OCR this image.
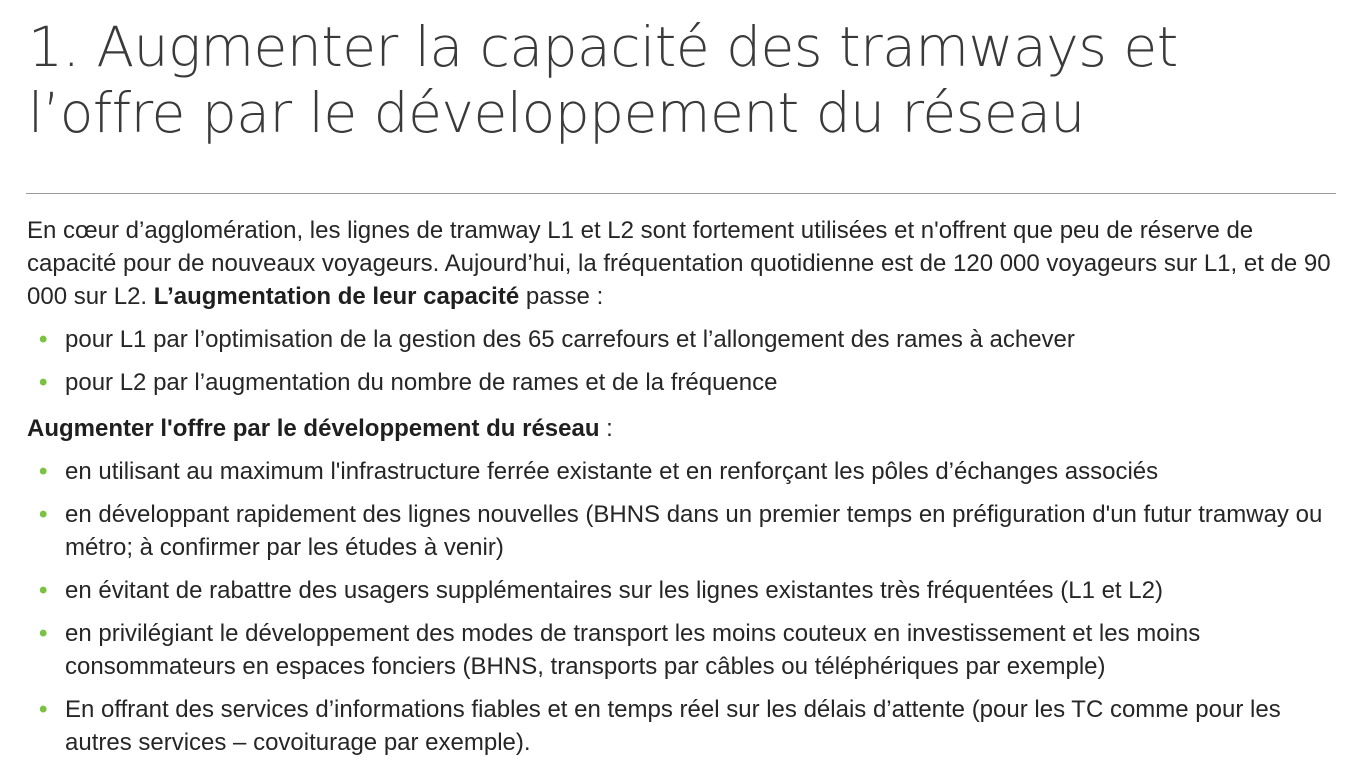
1. Augmenter la capacité des tramways et l’offre par le développement du réseau

En cœur d’agglomération, les lignes de tramway L1 et L2 sont fortement utilisées et n'offrent que peu de réserve de capacité pour de nouveaux voyageurs. Aujourd’hui, la fréquentation quotidienne est de 120 000 voyageurs sur L1, et de 90 000 sur L2. L’augmentation de leur capacité passe :

• pour L1 par l’optimisation de la gestion des 65 carrefours et l’allongement des rames à achever
• pour L2 par l’augmentation du nombre de rames et de la fréquence

Augmenter l'offre par le développement du réseau :

• en utilisant au maximum l'infrastructure ferrée existante et en renforçant les pôles d’échanges associés
• en développant rapidement des lignes nouvelles (BHNS dans un premier temps en préfiguration d'un futur tramway ou métro; à confirmer par les études à venir)
• en évitant de rabattre des usagers supplémentaires sur les lignes existantes très fréquentées (L1 et L2)
• en privilégiant le développement des modes de transport les moins couteux en investissement et les moins consommateurs en espaces fonciers (BHNS, transports par câbles ou téléphériques par exemple)
• En offrant des services d’informations fiables et en temps réel sur les délais d’attente (pour les TC comme pour les autres services – covoiturage par exemple).
